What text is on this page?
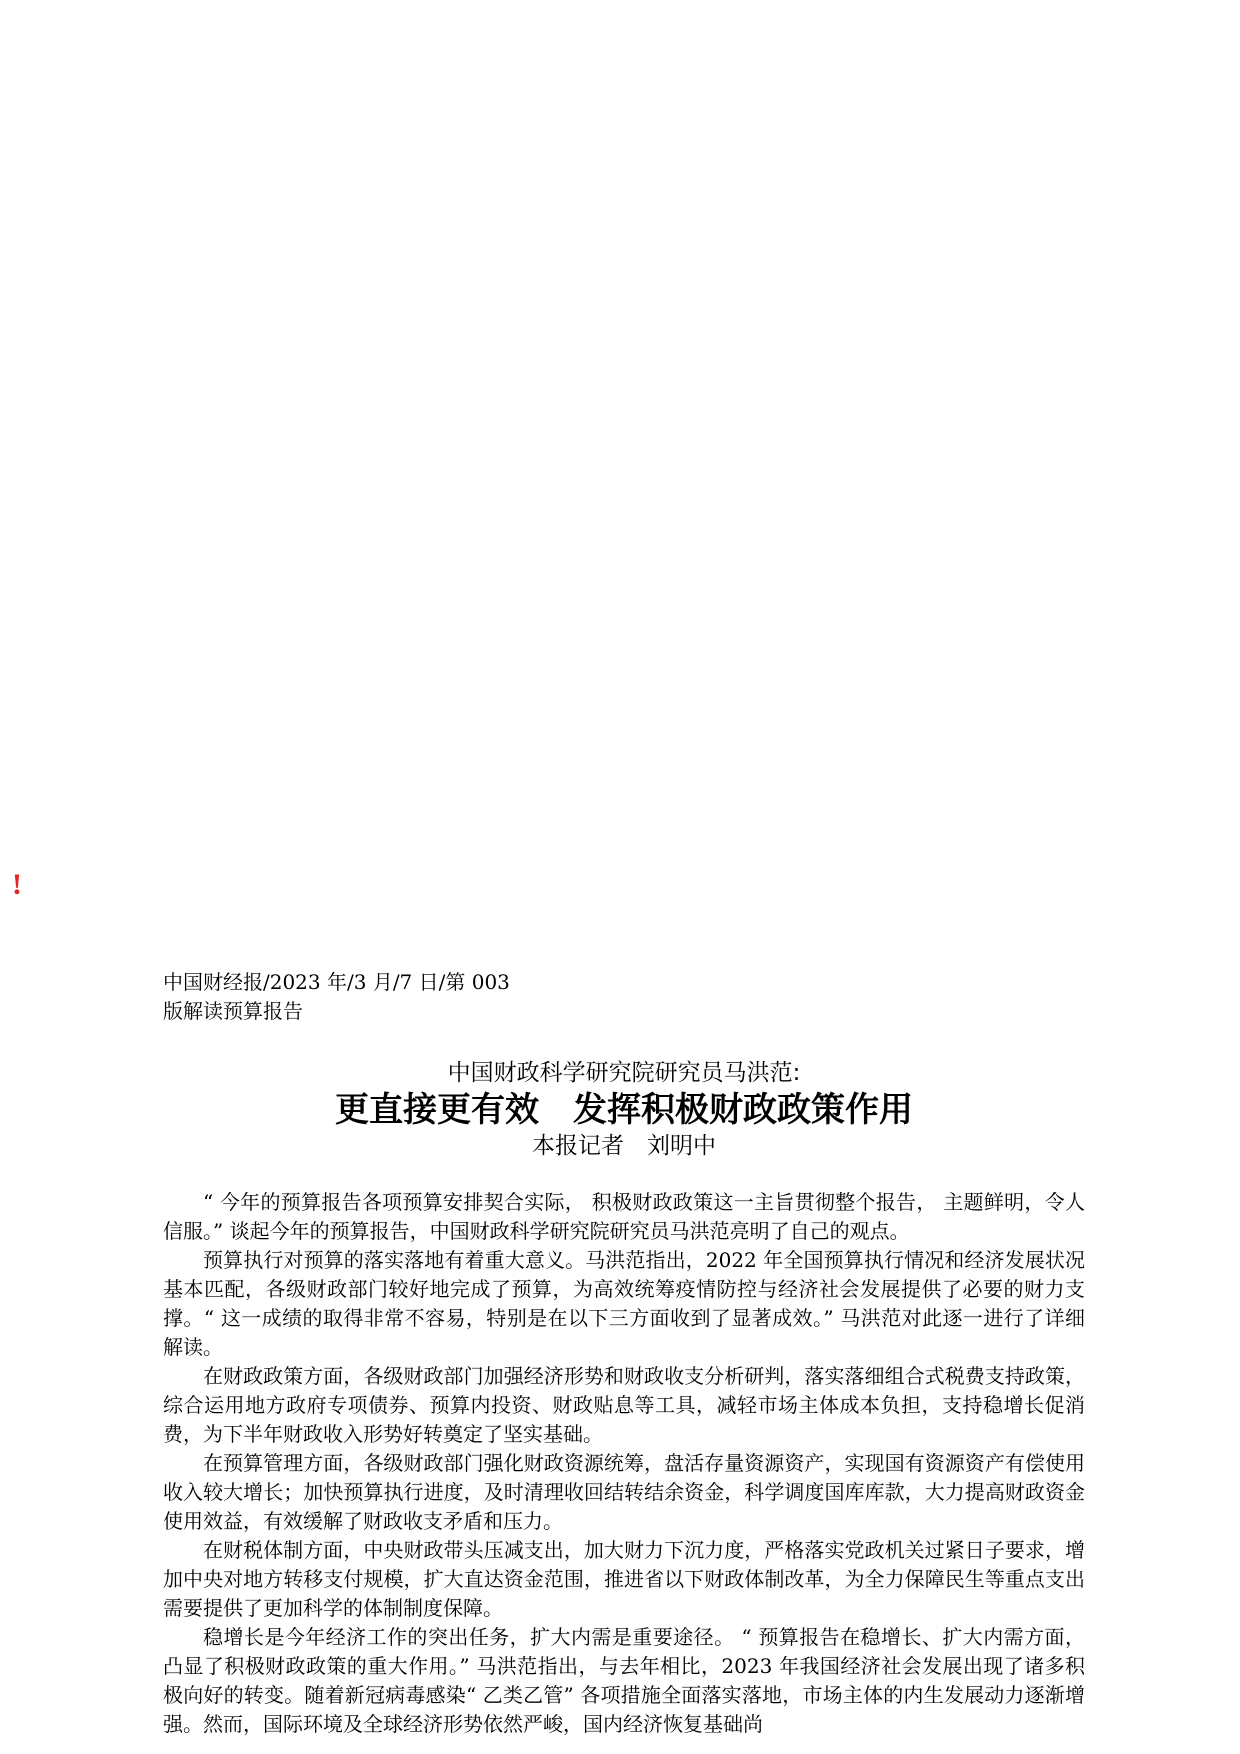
!
中国财经报/2023 年/3 月/7 日/第 003
版解读预算报告
中国财政科学研究院研究员马洪范:
更直接更有效　发挥积极财政政策作用
本报记者　刘明中

“ 今年的预算报告各项预算安排契合实际， 积极财政政策这一主旨贯彻整个报告， 主题鲜明，令人信服。” 谈起今年的预算报告，中国财政科学研究院研究员马洪范亮明了自己的观点。

预算执行对预算的落实落地有着重大意义。马洪范指出，2022 年全国预算执行情况和经济发展状况基本匹配，各级财政部门较好地完成了预算，为高效统筹疫情防控与经济社会发展提供了必要的财力支撑。“ 这一成绩的取得非常不容易，特别是在以下三方面收到了显著成效。” 马洪范对此逐一进行了详细解读。

在财政政策方面，各级财政部门加强经济形势和财政收支分析研判，落实落细组合式税费支持政策，综合运用地方政府专项债券、预算内投资、财政贴息等工具，减轻市场主体成本负担，支持稳增长促消费，为下半年财政收入形势好转奠定了坚实基础。

在预算管理方面，各级财政部门强化财政资源统筹，盘活存量资源资产，实现国有资源资产有偿使用收入较大增长；加快预算执行进度，及时清理收回结转结余资金，科学调度国库库款，大力提高财政资金使用效益，有效缓解了财政收支矛盾和压力。

在财税体制方面，中央财政带头压减支出，加大财力下沉力度，严格落实党政机关过紧日子要求，增加中央对地方转移支付规模，扩大直达资金范围，推进省以下财政体制改革，为全力保障民生等重点支出需要提供了更加科学的体制制度保障。

稳增长是今年经济工作的突出任务，扩大内需是重要途径。 “ 预算报告在稳增长、扩大内需方面，凸显了积极财政政策的重大作用。” 马洪范指出，与去年相比，2023 年我国经济社会发展出现了诸多积极向好的转变。随着新冠病毒感染“ 乙类乙管” 各项措施全面落实落地，市场主体的内生发展动力逐渐增强。然而，国际环境及全球经济形势依然严峻，国内经济恢复基础尚
